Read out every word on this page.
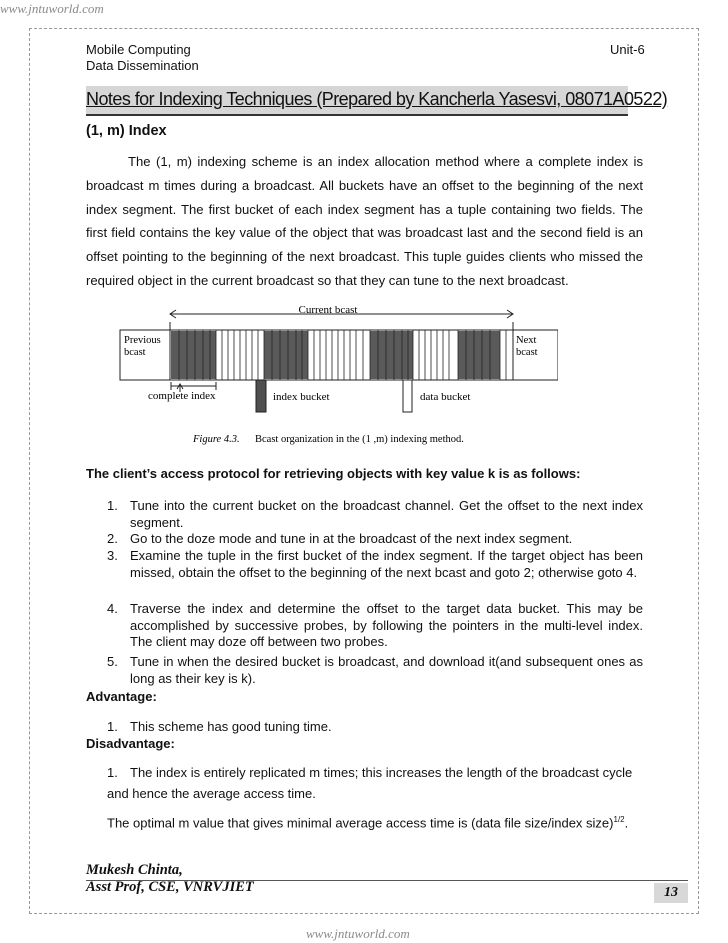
www.jntuworld.com
Mobile Computing
Data Dissemination
Unit-6
Notes for Indexing Techniques (Prepared by Kancherla Yasesvi, 08071A0522)
(1, m) Index
The (1, m) indexing scheme is an index allocation method where a complete index is broadcast m times during a broadcast. All buckets have an offset to the beginning of the next index segment. The first bucket of each index segment has a tuple containing two fields. The first field contains the key value of the object that was broadcast last and the second field is an offset pointing to the beginning of the next broadcast. This tuple guides clients who missed the required object in the current broadcast so that they can tune to the next broadcast.
Current bcast
Previous
bcast
Next
bcast
complete index	index bucket	data bucket
Figure 4.3. Bcast organization in the (1 ,m) indexing method.
The client’s access protocol for retrieving objects with key value k is as follows:
1. Tune into the current bucket on the broadcast channel. Get the offset to the next index segment.
2. Go to the doze mode and tune in at the broadcast of the next index segment.
3. Examine the tuple in the first bucket of the index segment. If the target object has been missed, obtain the offset to the beginning of the next bcast and goto 2; otherwise goto 4.
4. Traverse the index and determine the offset to the target data bucket. This may be accomplished by successive probes, by following the pointers in the multi-level index. The client may doze off between two probes.
5. Tune in when the desired bucket is broadcast, and download it(and subsequent ones as long as their key is k).
Advantage:
1. This scheme has good tuning time.
Disadvantage:
1. The index is entirely replicated m times; this increases the length of the broadcast cycle
and hence the average access time.
The optimal m value that gives minimal average access time is (data file size/index size)$^{1/2}$.
Mukesh Chinta,
Asst Prof, CSE, VNRVJIET	13
www.jntuworld.com
